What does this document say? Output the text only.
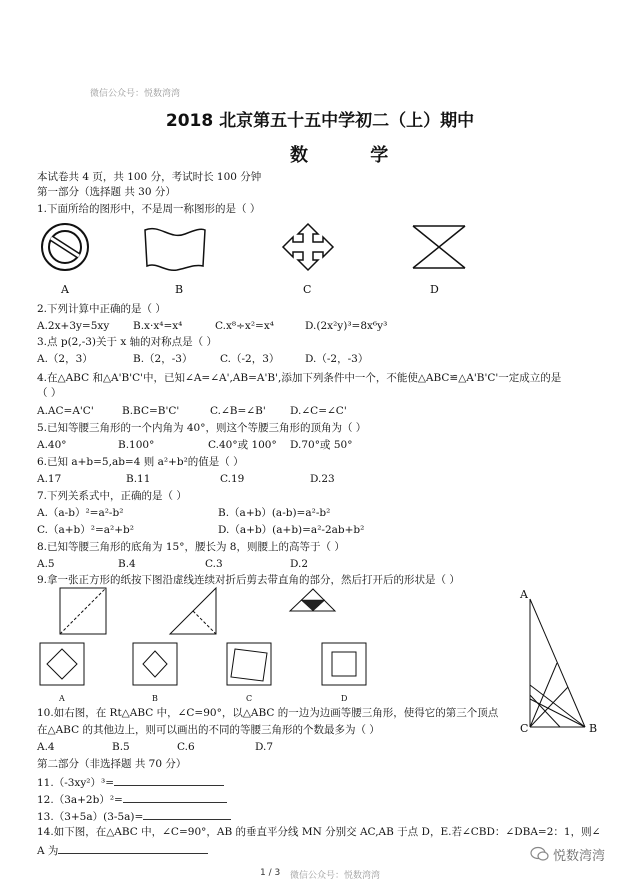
微信公众号：悦数湾湾
2018 北京第五十五中学初二（上）期中
数 学
本试卷共 4 页，共 100 分，考试时长 100 分钟
第一部分（选择题 共 30 分）
1.下面所给的图形中，不是周一称图形的是（ ）
A	B	C	D
2.下列计算中正确的是（ ）
A.2x+3y=5xy B.x·x⁴=x⁴	C.x⁸÷x²=x⁴	D.(2x²y)³=8x⁶y³
3.点 p(2,-3)关于 x 轴的对称点是（ ）
A.（2，3）	B.（2，-3）	C.（-2，3） D.（-2，-3）
4.在△ABC 和△A'B'C'中，已知∠A=∠A',AB=A'B',添加下列条件中一个，不能使△ABC≌△A'B'C'一定成立的是
（ ）
A.AC=A'C'	B.BC=B'C'	C.∠B=∠B' D.∠C=∠C'
5.已知等腰三角形的一个内角为 40°，则这个等腰三角形的顶角为（ ）
A.40°	B.100°	C.40°或 100° D.70°或 50°
6.已知 a+b=5,ab=4 则 a²+b²的值是（ ）
A.17	B.11	C.19	D.23
7.下列关系式中，正确的是（ ）
A.（a-b）²=a²-b²	B.（a+b）(a-b)=a²-b²
C.（a+b）²=a²+b²	D.（a+b）(a+b)=a²-2ab+b²
8.已知等腰三角形的底角为 15°，腰长为 8，则腰上的高等于（ ）
A.5	B.4	C.3	D.2
9.拿一张正方形的纸按下图沿虚线连续对折后剪去带直角的部分，然后打开后的形状是（ ）
A	B	C	D
A
B
C
10.如右图，在 Rt△ABC 中，∠C=90°，以△ABC 的一边为边画等腰三角形，使得它的第三个顶点
在△ABC 的其他边上，则可以画出的不同的等腰三角形的个数最多为（ ）
A.4	B.5	C.6	D.7
第二部分（非选择题 共 70 分）
11.（-3xy²）³=
12.（3a+2b）²=
13.（3+5a）(3-5a)=
14.如下图，在△ABC 中，∠C=90°，AB 的垂直平分线 MN 分别交 AC,AB 于点 D，E.若∠CBD：∠DBA=2：1，则∠
A 为
1 / 3 微信公众号：悦数湾湾
悦数湾湾
